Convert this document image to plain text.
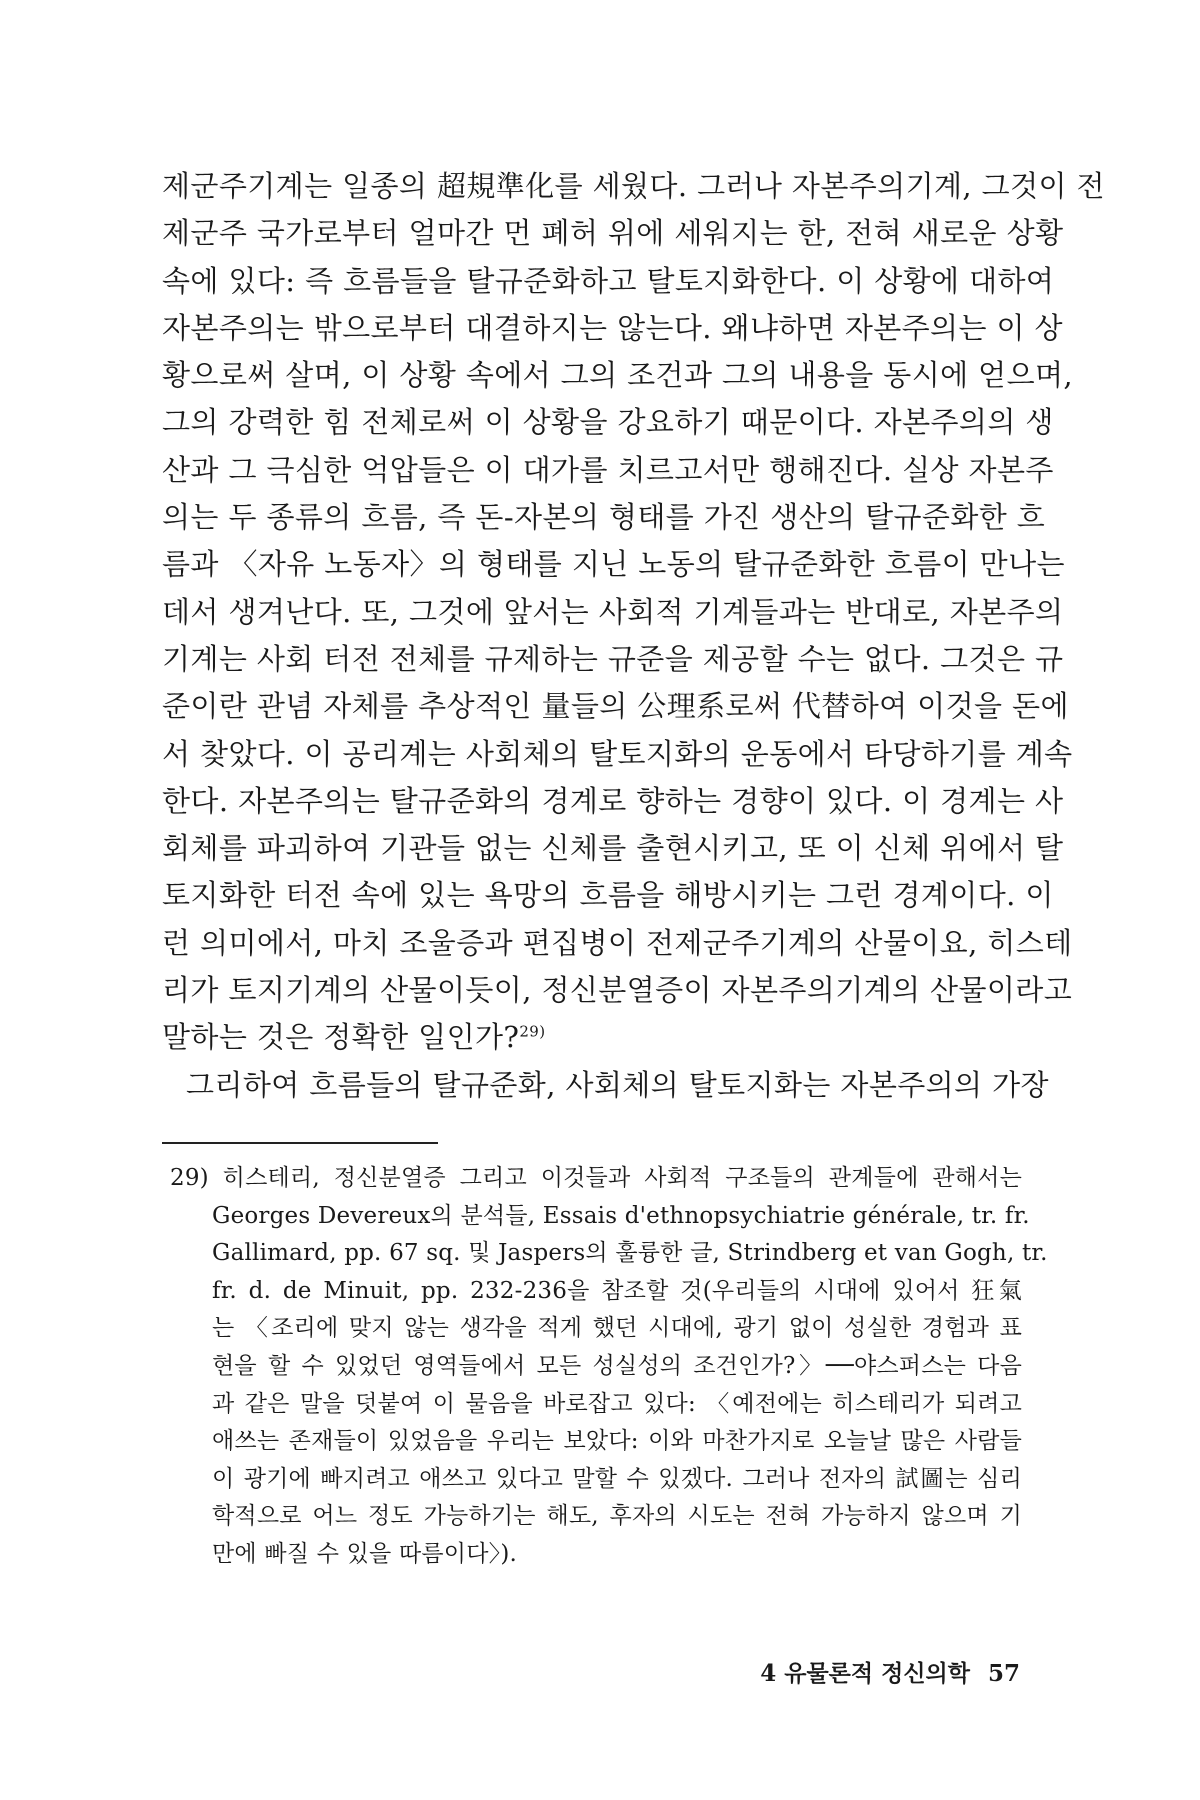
제군주기계는 일종의 超規準化를 세웠다. 그러나 자본주의기계, 그것이 전
제군주 국가로부터 얼마간 먼 폐허 위에 세워지는 한, 전혀 새로운 상황
속에 있다: 즉 흐름들을 탈규준화하고 탈토지화한다. 이 상황에 대하여
자본주의는 밖으로부터 대결하지는 않는다. 왜냐하면 자본주의는 이 상
황으로써 살며, 이 상황 속에서 그의 조건과 그의 내용을 동시에 얻으며,
그의 강력한 힘 전체로써 이 상황을 강요하기 때문이다. 자본주의의 생
산과 그 극심한 억압들은 이 대가를 치르고서만 행해진다. 실상 자본주
의는 두 종류의 흐름, 즉 돈-자본의 형태를 가진 생산의 탈규준화한 흐
름과 〈자유 노동자〉의 형태를 지닌 노동의 탈규준화한 흐름이 만나는
데서 생겨난다. 또, 그것에 앞서는 사회적 기계들과는 반대로, 자본주의
기계는 사회 터전 전체를 규제하는 규준을 제공할 수는 없다. 그것은 규
준이란 관념 자체를 추상적인 量들의 公理系로써 代替하여 이것을 돈에
서 찾았다. 이 공리계는 사회체의 탈토지화의 운동에서 타당하기를 계속
한다. 자본주의는 탈규준화의 경계로 향하는 경향이 있다. 이 경계는 사
회체를 파괴하여 기관들 없는 신체를 출현시키고, 또 이 신체 위에서 탈
토지화한 터전 속에 있는 욕망의 흐름을 해방시키는 그런 경계이다. 이
런 의미에서, 마치 조울증과 편집병이 전제군주기계의 산물이요, 히스테
리가 토지기계의 산물이듯이, 정신분열증이 자본주의기계의 산물이라고
말하는 것은 정확한 일인가?$^{29)}$
그리하여 흐름들의 탈규준화, 사회체의 탈토지화는 자본주의의 가장
29) 히스테리, 정신분열증 그리고 이것들과 사회적 구조들의 관계들에 관해서는
Georges Devereux의 분석들, Essais d'ethnopsychiatrie générale, tr. fr.
Gallimard, pp. 67 sq. 및 Jaspers의 훌륭한 글, Strindberg et van Gogh, tr.
fr. d. de Minuit, pp. 232-236을 참조할 것(우리들의 시대에 있어서 狂氣
는 〈조리에 맞지 않는 생각을 적게 했던 시대에, 광기 없이 성실한 경험과 표
현을 할 수 있었던 영역들에서 모든 성실성의 조건인가?〉──야스퍼스는 다음
과 같은 말을 덧붙여 이 물음을 바로잡고 있다: 〈예전에는 히스테리가 되려고
애쓰는 존재들이 있었음을 우리는 보았다: 이와 마찬가지로 오늘날 많은 사람들
이 광기에 빠지려고 애쓰고 있다고 말할 수 있겠다. 그러나 전자의 試圖는 심리
학적으로 어느 정도 가능하기는 해도, 후자의 시도는 전혀 가능하지 않으며 기
만에 빠질 수 있을 따름이다〉).
4 유물론적 정신의학 57
